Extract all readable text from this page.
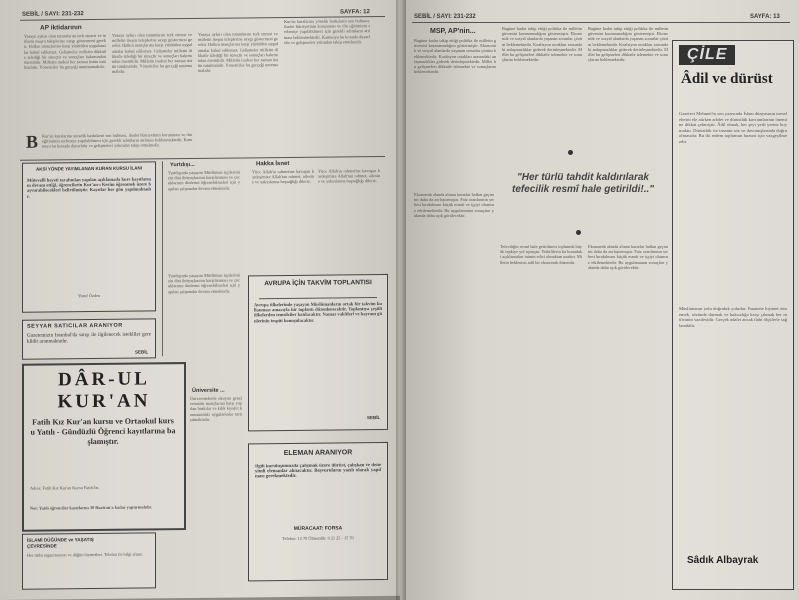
SEBİL / SAYI: 231-232	SAYFA: 12
AP iktidarının
Yasaya aykırı olan tutumlarını terk etmesi ve milletin meşru taleplerine saygı göstermesi gerekir. Halkın inançlarına karşı yürütülen uygulamalar kabul edilemez. Gelişmeler milletin dikkatle izlediği bir süreçtir ve sonuçları bakımından önemlidir. Milletin iradesi her zaman üstün tutulmalıdır. Yöneticiler bu gerçeği unutmamalıdır.
Yasaya aykırı olan tutumlarını terk etmesi ve milletin meşru taleplerine saygı göstermesi gerekir. Halkın inançlarına karşı yürütülen uygulamalar kabul edilemez. Gelişmeler milletin dikkatle izlediği bir süreçtir ve sonuçları bakımından önemlidir. Milletin iradesi her zaman üstün tutulmalıdır. Yöneticiler bu gerçeği unutmamalıdır.
Yasaya aykırı olan tutumlarını terk etmesi ve milletin meşru taleplerine saygı göstermesi gerekir. Halkın inançlarına karşı yürütülen uygulamalar kabul edilemez. Gelişmeler milletin dikkatle izlediği bir süreçtir ve sonuçları bakımından önemlidir. Milletin iradesi her zaman üstün tutulmalıdır. Yöneticiler bu gerçeği unutmamalıdır.
Kur'an kurslarına yönelik baskıların son bulması, ibadet hürriyetinin korunması ve din eğitiminin serbestçe yapılabilmesi için gerekli adımların atılması beklenmektedir. Kamuoyu bu konuda duyarlıdır ve gelişmeleri yakından takip etmektedir.
B Kur'an kurslarına yönelik baskıların son bulması, ibadet hürriyetinin korunması ve din eğitiminin serbestçe yapılabilmesi için gerekli adımların atılması beklenmektedir. Kamuoyu bu konuda duyarlıdır ve gelişmeleri yakından takip etmektedir.
AKSİ YÖNDE YAYIMLANAN KURAN KURSU İLANI
Mütevelli heyeti tarafından yapılan açıklamada kurs kayıtlarının devam ettiği, öğrencilerin Kur'an-ı Kerim öğrenmek üzere başvurabilecekleri belirtilmiştir. Kayıtlar her gün yapılmaktadır.
Yusuf Özden
SEYYAR SATICILAR ARANIYOR
Gazetemizin İstanbul'da satışı ile ilgilenecek istekliler gereklidir aranmaktadır.
SEBİL
DÂR-UL
KUR'AN
Fatih Kız Kur'an kursu ve Ortaokul kursu Yatılı - Gündüzlü Öğrenci kayıtlarına başlamıştır.
Adres: Fatih Kız Kur'an Kursu Fatih-İst.
Not: Yatılı öğrenciler kayıtlarını 30 Haziran'a kadar yaptırmalıdır.
İSLAMİ DÜĞÜNDE ve YAŞATIŞ ÇEVRESİNDE
Her türlü organizasyon ve düğün hizmetleri. Telefon ile bilgi alınız.
Yurtdışı...
Yurtdışında yaşayan Müslüman işçilerimizin dini ihtiyaçlarının karşılanması ve çocuklarının dinlerini öğrenebilmeleri için yapılan çalışmalar devam etmektedir.
Yurtdışında yaşayan Müslüman işçilerimizin dini ihtiyaçlarının karşılanması ve çocuklarının dinlerini öğrenebilmeleri için yapılan çalışmalar devam etmektedir.
Hakka İsnet
Yüce Allah'ın rahmetine kavuşan kardeşimize Allah'tan rahmet, ailesine ve yakınlarına başsağlığı dileriz.
Yüce Allah'ın rahmetine kavuşan kardeşimize Allah'tan rahmet, ailesine ve yakınlarına başsağlığı dileriz.
AVRUPA İÇİN TAKVİM TOPLANTISI
Avrupa ülkelerinde yaşayan Müslümanların ortak bir takvim kullanması amacıyla bir toplantı düzenlenecektir. Toplantıya çeşitli ülkelerden temsilciler katılacaktır. Namaz vakitleri ve bayram günlerinin tespiti konuşulacaktır.
SEBİL
Üniversite ...
Üniversitelerde okuyan gençlerimizin inançlarına karşı yapılan baskılar ve kılık kıyafet konusundaki uygulamalar tartışılmaktadır.
ELEMAN ARANIYOR
İlgili kuruluşumuzda çalışmak üzere dürüst, çalışkan ve deneyimli elemanlar alınacaktır. Başvuruların yazılı olarak yapılması gerekmektedir.
MÜRACAAT: FORSA
Telefon: 12 70 Ölmezdik: 0 21 25 - 15 70
SEBİL / SAYI: 231-232	SAYFA: 13
MSP, AP'nin...
Bugüne kadar takip ettiği politika ile milletin güvenini kazanamadığını göstermiştir. Ekonomik ve sosyal alanlarda yaşanan sorunlar çözüm beklemektedir. Koalisyon ortakları arasındaki anlaşmazlıklar giderek derinleşmektedir. Millet bu gelişmeleri dikkatle izlemekte ve sonuçlarını beklemektedir.
Bugüne kadar takip ettiği politika ile milletin güvenini kazanamadığını göstermiştir. Ekonomik ve sosyal alanlarda yaşanan sorunlar çözüm beklemektedir. Koalisyon ortakları arasındaki anlaşmazlıklar giderek derinleşmektedir. Millet bu gelişmeleri dikkatle izlemekte ve sonuçlarını beklemektedir.
Bugüne kadar takip ettiği politika ile milletin güvenini kazanamadığını göstermiştir. Ekonomik ve sosyal alanlarda yaşanan sorunlar çözüm beklemektedir. Koalisyon ortakları arasındaki anlaşmazlıklar giderek derinleşmektedir. Millet bu gelişmeleri dikkatle izlemekte ve sonuçlarını beklemektedir.
"Her türlü tahdit kaldırılarak tefecilik resmî hale getirildi!.."
Ekonomik alanda alınan kararlar halkın geçimini daha da zorlaştırmıştır. Faiz oranlarının serbest bırakılması küçük esnafı ve işçiyi olumsuz etkilemektedir. Bu uygulamanın sonuçları yakında daha açık görülecektir.
Tefeciliğin resmî hale getirilmesi toplumda büyük tepkiye yol açmıştır. Yetkililerin bu konudaki açıklamaları tatmin edici olmaktan uzaktır. Milletin beklentisi adil bir ekonomik düzendir.
Ekonomik alanda alınan kararlar halkın geçimini daha da zorlaştırmıştır. Faiz oranlarının serbest bırakılması küçük esnafı ve işçiyi olumsuz etkilemektedir. Bu uygulamanın sonuçları yakında daha açık görülecektir.
ÇİLE
Âdil ve dürüst
Gazeteci Mehmet'in son yazısında İslam dünyasının meselelerini ele alırken adalet ve dürüstlük kavramlarının önemine dikkat çekmiştir. Âdil olmak, her şeyi yerli yerine koymaktır. Dürüstlük ise insanın söz ve davranışlarında doğru olmasıdır. Bu iki erdem toplumun huzuru için vazgeçilmezdir.
Müslümanın yolu doğruluk yoludur. Emanete hıyanet etmemek, sözünde durmak ve haksızlığa karşı çıkmak her mü'minin vazifesidir. Gerçek adalet ancak ilahi ölçülerle sağlanabilir.
Sâdık Albayrak
